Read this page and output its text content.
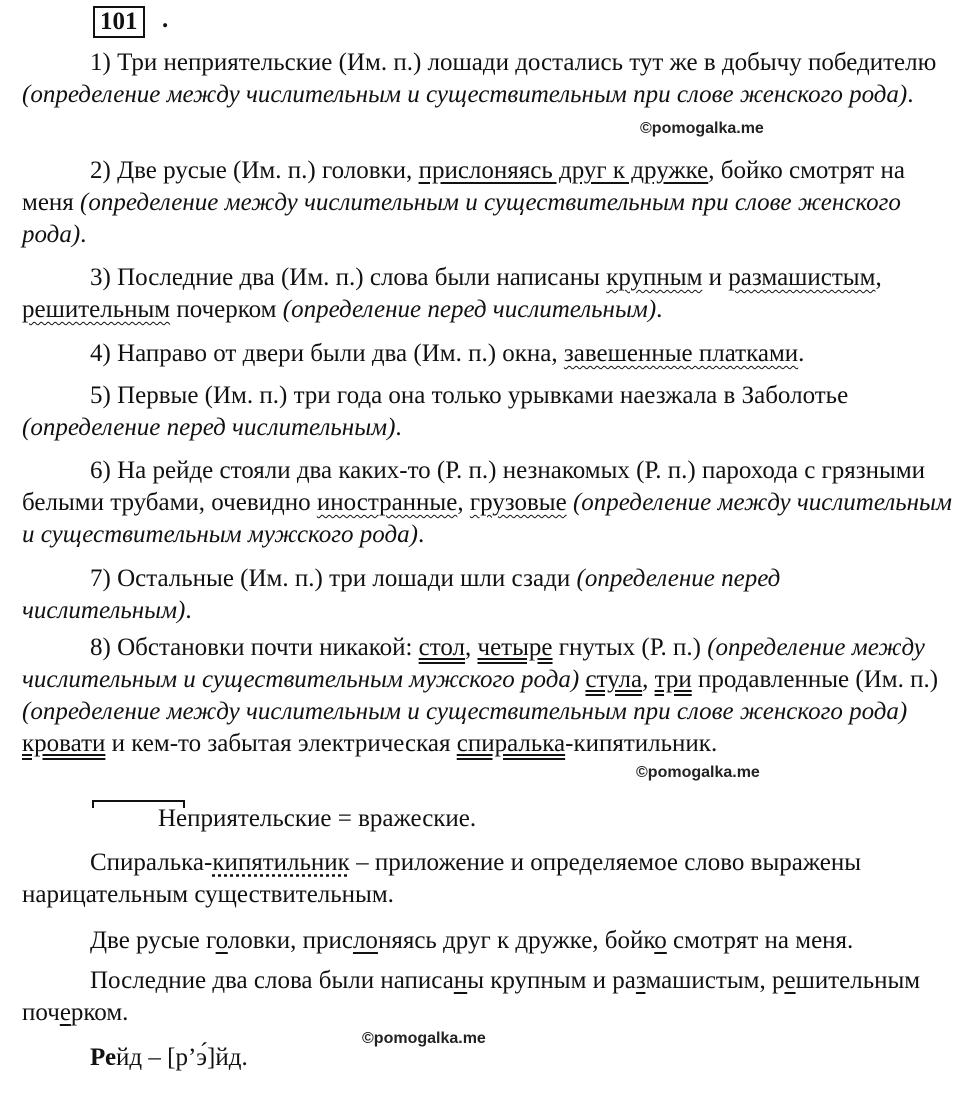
101 .

1) Три неприятельские (Им. п.) лошади достались тут же в добычу победителю (определение между числительным и существительным при слове женского рода).

©pomogalka.me

2) Две русые (Им. п.) головки, прислоняясь друг к дружке, бойко смотрят на меня (определение между числительным и существительным при слове женского рода).

3) Последние два (Им. п.) слова были написаны крупным и размашистым, решительным почерком (определение перед числительным).

4) Направо от двери были два (Им. п.) окна, завешенные платками.

5) Первые (Им. п.) три года она только урывками наезжала в Заболотье (определение перед числительным).

6) На рейде стояли два каких-то (Р. п.) незнакомых (Р. п.) парохода с грязными белыми трубами, очевидно иностранные, грузовые (определение между числительным и существительным мужского рода).

7) Остальные (Им. п.) три лошади шли сзади (определение перед числительным).

8) Обстановки почти никакой: стол, четыре гнутых (Р. п.) (определение между числительным и существительным мужского рода) стула, три продавленные (Им. п.) (определение между числительным и существительным при слове женского рода) кровати и кем-то забытая электрическая спиралька-кипятильник.

©pomogalka.me

Неприятельские = вражеские.

Спиралька-кипятильник – приложение и определяемое слово выражены нарицательным существительным.

Две русые головки, прислоняясь друг к дружке, бойко смотрят на меня.

Последние два слова были написаны крупным и размашистым, решительным почерком.

©pomogalka.me

Рейд – [р’э́]йд.
